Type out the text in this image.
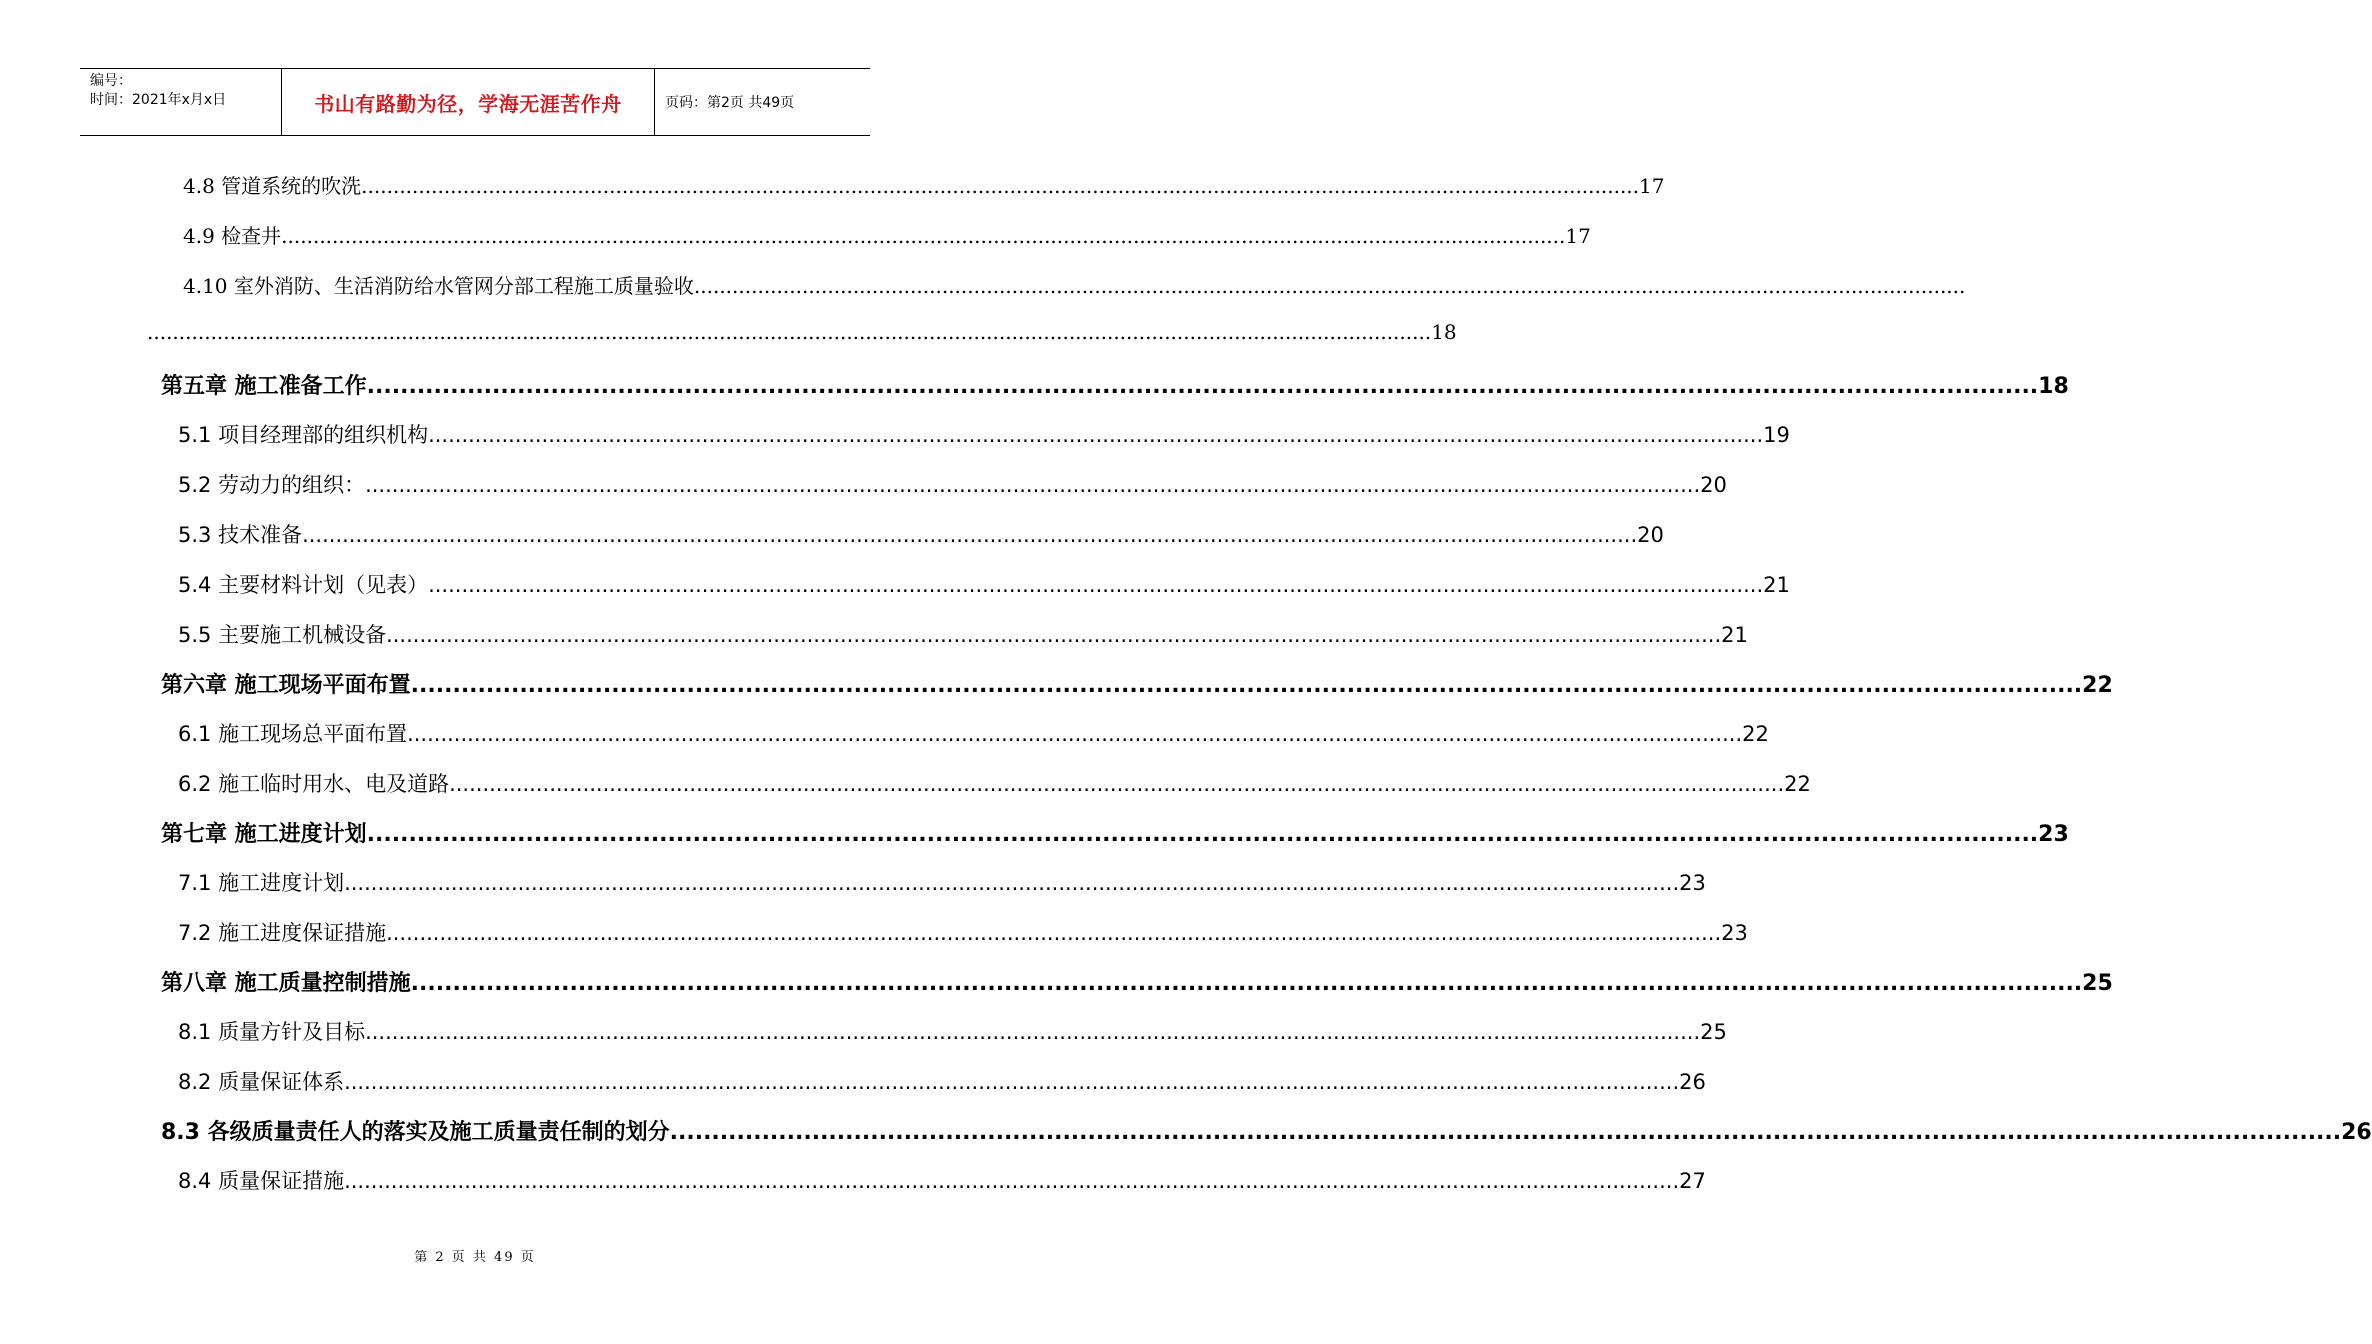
编号：
时间：2021年x月x日	书山有路勤为径，学海无涯苦作舟	页码：第2页 共49页
4.8 管道系统的吹洗 ........................................................................................................................................................................................................ .17
4.9 检查井 ........................................................................................................................................................................................................ ..17
4.10 室外消防、生活消防给水管网分部工程施工质量验收 ........................................................................................................................................................................................................
........................................................................................................................................................................................................ ..18
第五章 施工准备工作 ........................................................................................................................................................................................................ 18
5.1 项目经理部的组织机构 ........................................................................................................................................................................................................ 19
5.2 劳动力的组织： ........................................................................................................................................................................................................ 20
5.3 技术准备 ........................................................................................................................................................................................................ 20
5.4 主要材料计划（见表） ........................................................................................................................................................................................................ 21
5.5 主要施工机械设备 ........................................................................................................................................................................................................ 21
第六章 施工现场平面布置 ........................................................................................................................................................................................................ 22
6.1 施工现场总平面布置 ........................................................................................................................................................................................................ 22
6.2 施工临时用水、电及道路 ........................................................................................................................................................................................................ 22
第七章 施工进度计划 ........................................................................................................................................................................................................ 23
7.1 施工进度计划 ........................................................................................................................................................................................................ 23
7.2 施工进度保证措施 ........................................................................................................................................................................................................ 23
第八章 施工质量控制措施 ........................................................................................................................................................................................................ 25
8.1 质量方针及目标 ........................................................................................................................................................................................................ 25
8.2 质量保证体系 ........................................................................................................................................................................................................ 26
8.3 各级质量责任人的落实及施工质量责任制的划分 ........................................................................................................................................................................................................ 26
8.4 质量保证措施 ........................................................................................................................................................................................................ 27
第 2 页 共 49 页
